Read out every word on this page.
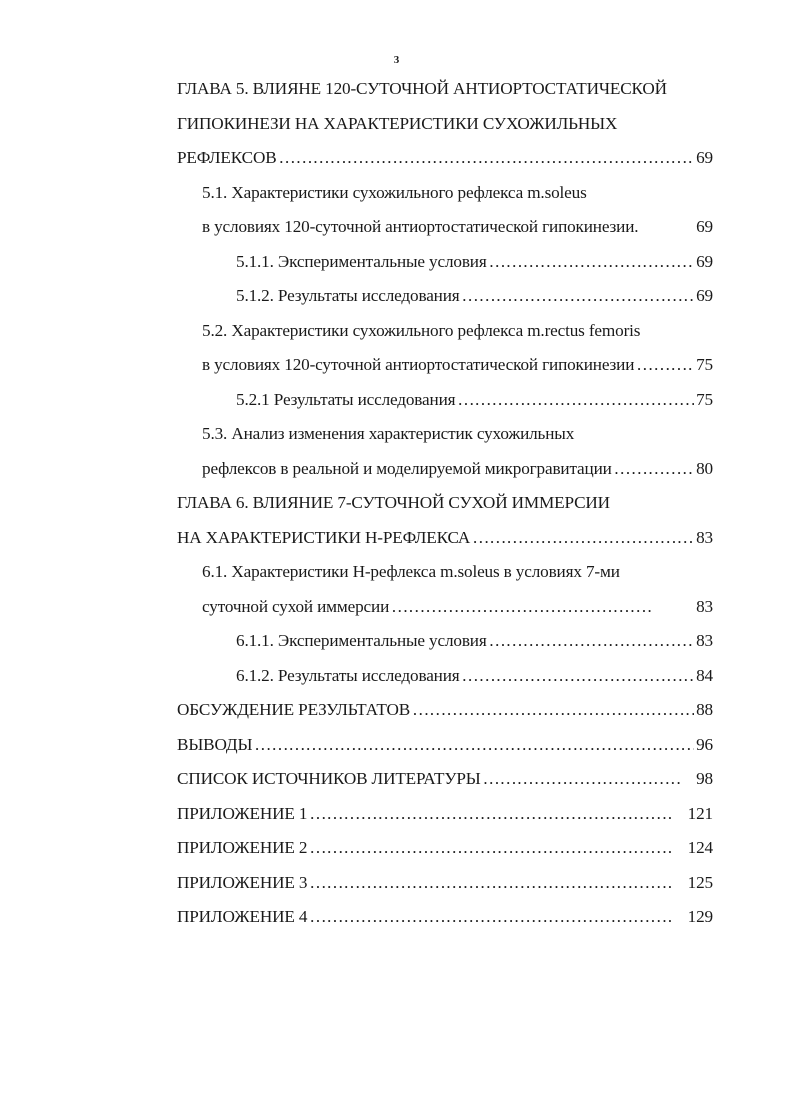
3
ГЛАВА 5. ВЛИЯНЕ 120-СУТОЧНОЙ АНТИОРТОСТАТИЧЕСКОЙ
ГИПОКИНЕЗИ НА ХАРАКТЕРИСТИКИ СУХОЖИЛЬНЫХ
РЕФЛЕКСОВ …………………………………………………………………………………………………………………………………………………………………………………	69
5.1. Характеристики сухожильного рефлекса m.soleus
в условиях 120-суточной антиортостатической гипокинезии.	69
5.1.1. Экспериментальные условия …………………………………………………………………………………………………………………………………………………………………………………	69
5.1.2. Результаты исследования …………………………………………………………………………………………………………………………………………………………………………………	69
5.2. Характеристики сухожильного рефлекса m.rectus femoris
в условиях 120-суточной антиортостатической гипокинезии …………………………………………………………………………………………………………………………………………………………………………………	75
5.2.1 Результаты исследования …………………………………………………………………………………………………………………………………………………………………………………	75
5.3. Анализ изменения характеристик сухожильных
рефлексов в реальной и моделируемой микрогравитации …………………………………………………………………………………………………………………………………………………………………………………	80
ГЛАВА 6. ВЛИЯНИЕ 7-СУТОЧНОЙ СУХОЙ ИММЕРСИИ
НА ХАРАКТЕРИСТИКИ Н-РЕФЛЕКСА …………………………………………………………………………………………………………………………………………………………………………………	83
6.1. Характеристики Н-рефлекса m.soleus в условиях 7-ми
суточной сухой иммерсии …………………………………………………………………………………………………………………………………………………………………………………	83
6.1.1. Экспериментальные условия …………………………………………………………………………………………………………………………………………………………………………………	83
6.1.2. Результаты исследования …………………………………………………………………………………………………………………………………………………………………………………	84
ОБСУЖДЕНИЕ РЕЗУЛЬТАТОВ …………………………………………………………………………………………………………………………………………………………………………………	88
ВЫВОДЫ …………………………………………………………………………………………………………………………………………………………………………………	96
СПИСОК ИСТОЧНИКОВ ЛИТЕРАТУРЫ …………………………………………………………………………………………………………………………………………………………………………………	98
ПРИЛОЖЕНИЕ 1 …………………………………………………………………………………………………………………………………………………………………………………	121
ПРИЛОЖЕНИЕ 2 …………………………………………………………………………………………………………………………………………………………………………………	124
ПРИЛОЖЕНИЕ 3 …………………………………………………………………………………………………………………………………………………………………………………	125
ПРИЛОЖЕНИЕ 4 …………………………………………………………………………………………………………………………………………………………………………………	129
